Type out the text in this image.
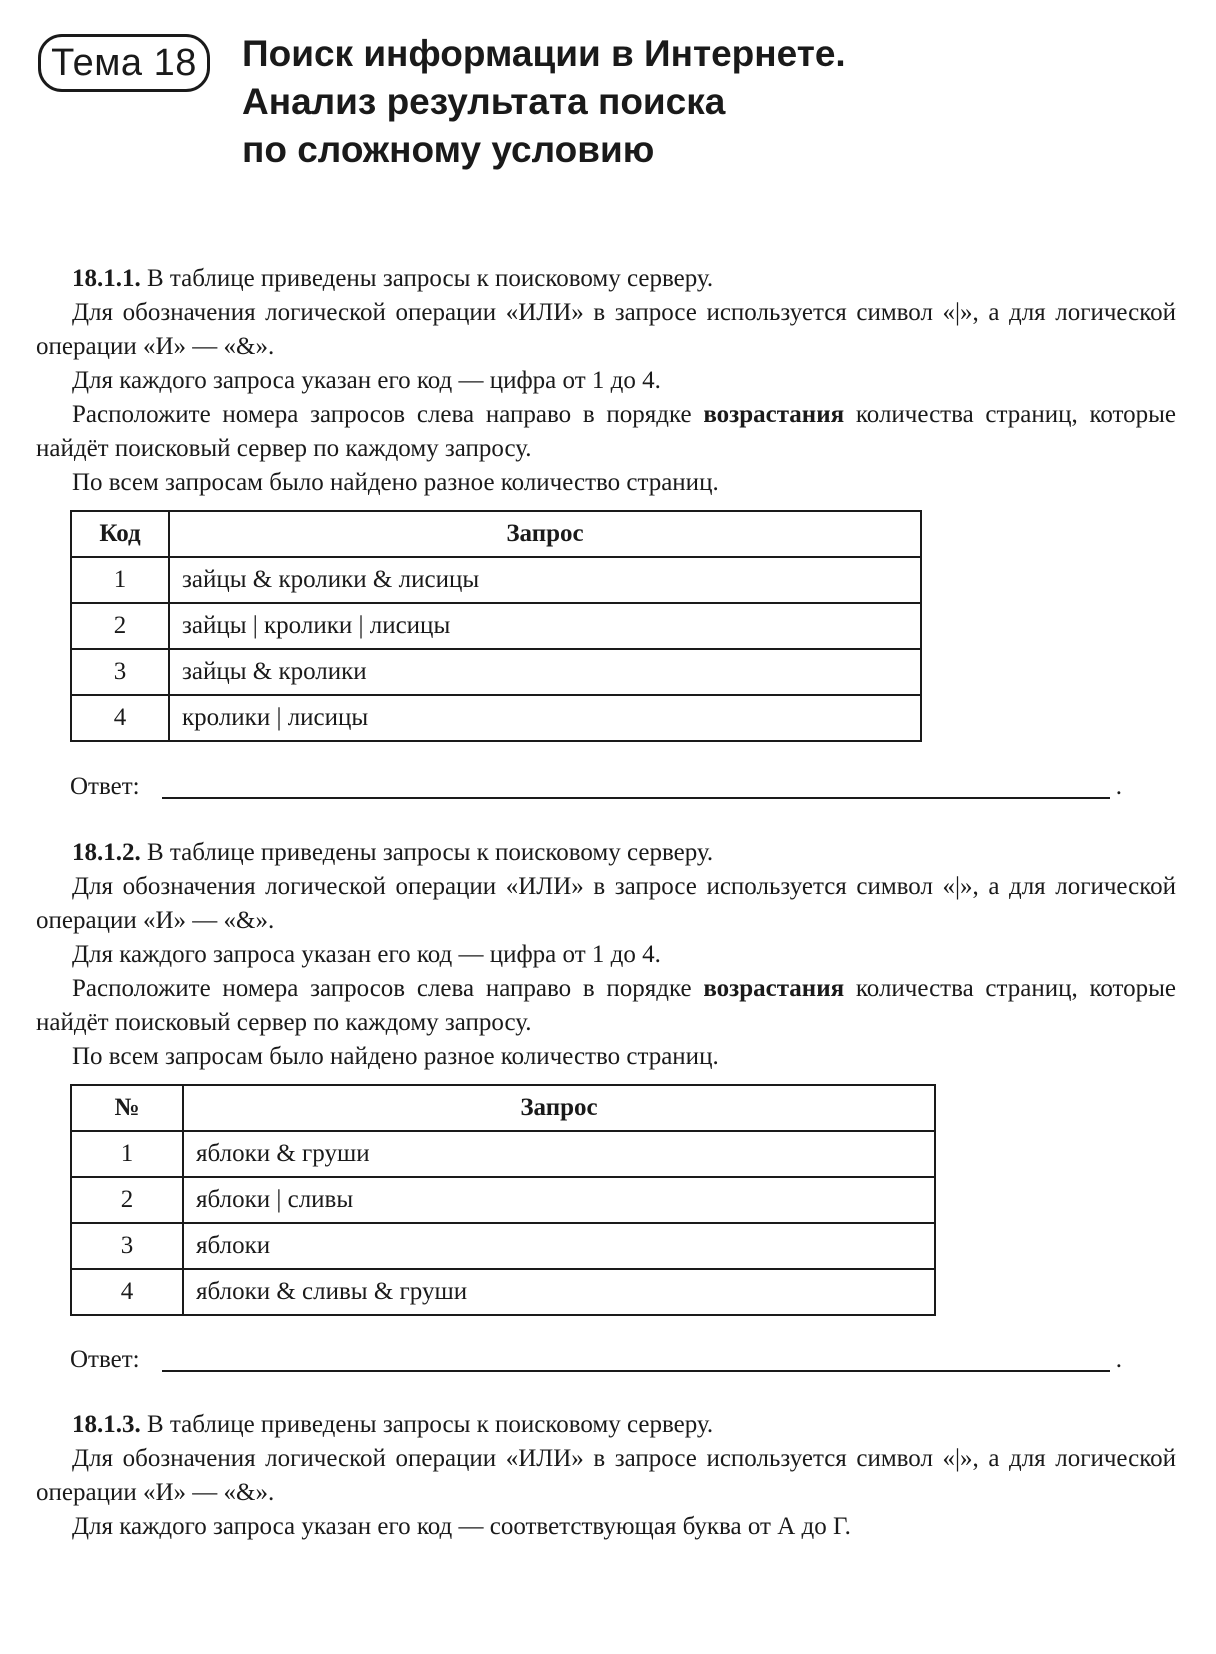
Тема 18	Поиск информации в Интернете.
Анализ результата поиска
по сложному условию

18.1.1. В таблице приведены запросы к поисковому серверу.

Для обозначения логической операции «ИЛИ» в запросе используется символ «|», а для логической операции «И» — «&».

Для каждого запроса указан его код — цифра от 1 до 4.

Расположите номера запросов слева направо в порядке возрастания количества страниц, которые найдёт поисковый сервер по каждому запросу.

По всем запросам было найдено разное количество страниц.

Код	Запрос
1	зайцы & кролики & лисицы
2	зайцы | кролики | лисицы
3	зайцы & кролики
4	кролики | лисицы
Ответ:	.

18.1.2. В таблице приведены запросы к поисковому серверу.

Для обозначения логической операции «ИЛИ» в запросе используется символ «|», а для логической операции «И» — «&».

Для каждого запроса указан его код — цифра от 1 до 4.

Расположите номера запросов слева направо в порядке возрастания количества страниц, которые найдёт поисковый сервер по каждому запросу.

По всем запросам было найдено разное количество страниц.

№	Запрос
1	яблоки & груши
2	яблоки | сливы
3	яблоки
4	яблоки & сливы & груши
Ответ:	.

18.1.3. В таблице приведены запросы к поисковому серверу.

Для обозначения логической операции «ИЛИ» в запросе используется символ «|», а для логической операции «И» — «&».

Для каждого запроса указан его код — соответствующая буква от А до Г.
